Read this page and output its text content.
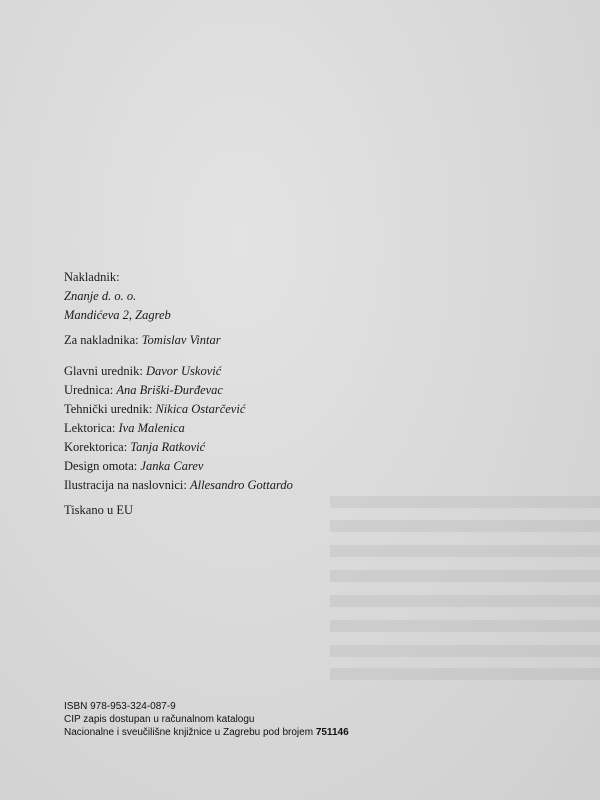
Nakladnik:
Znanje d. o. o.
Mandićeva 2, Zagreb
Za nakladnika: Tomislav Vintar
Glavni urednik: Davor Usković
Urednica: Ana Briški-Đurđevac
Tehnički urednik: Nikica Ostarčević
Lektorica: Iva Malenica
Korektorica: Tanja Ratković
Design omota: Janka Carev
Ilustracija na naslovnici: Allesandro Gottardo
Tiskano u EU
ISBN 978-953-324-087-9
CIP zapis dostupan u računalnom katalogu
Nacionalne i sveučilišne knjižnice u Zagrebu pod brojem 751146
